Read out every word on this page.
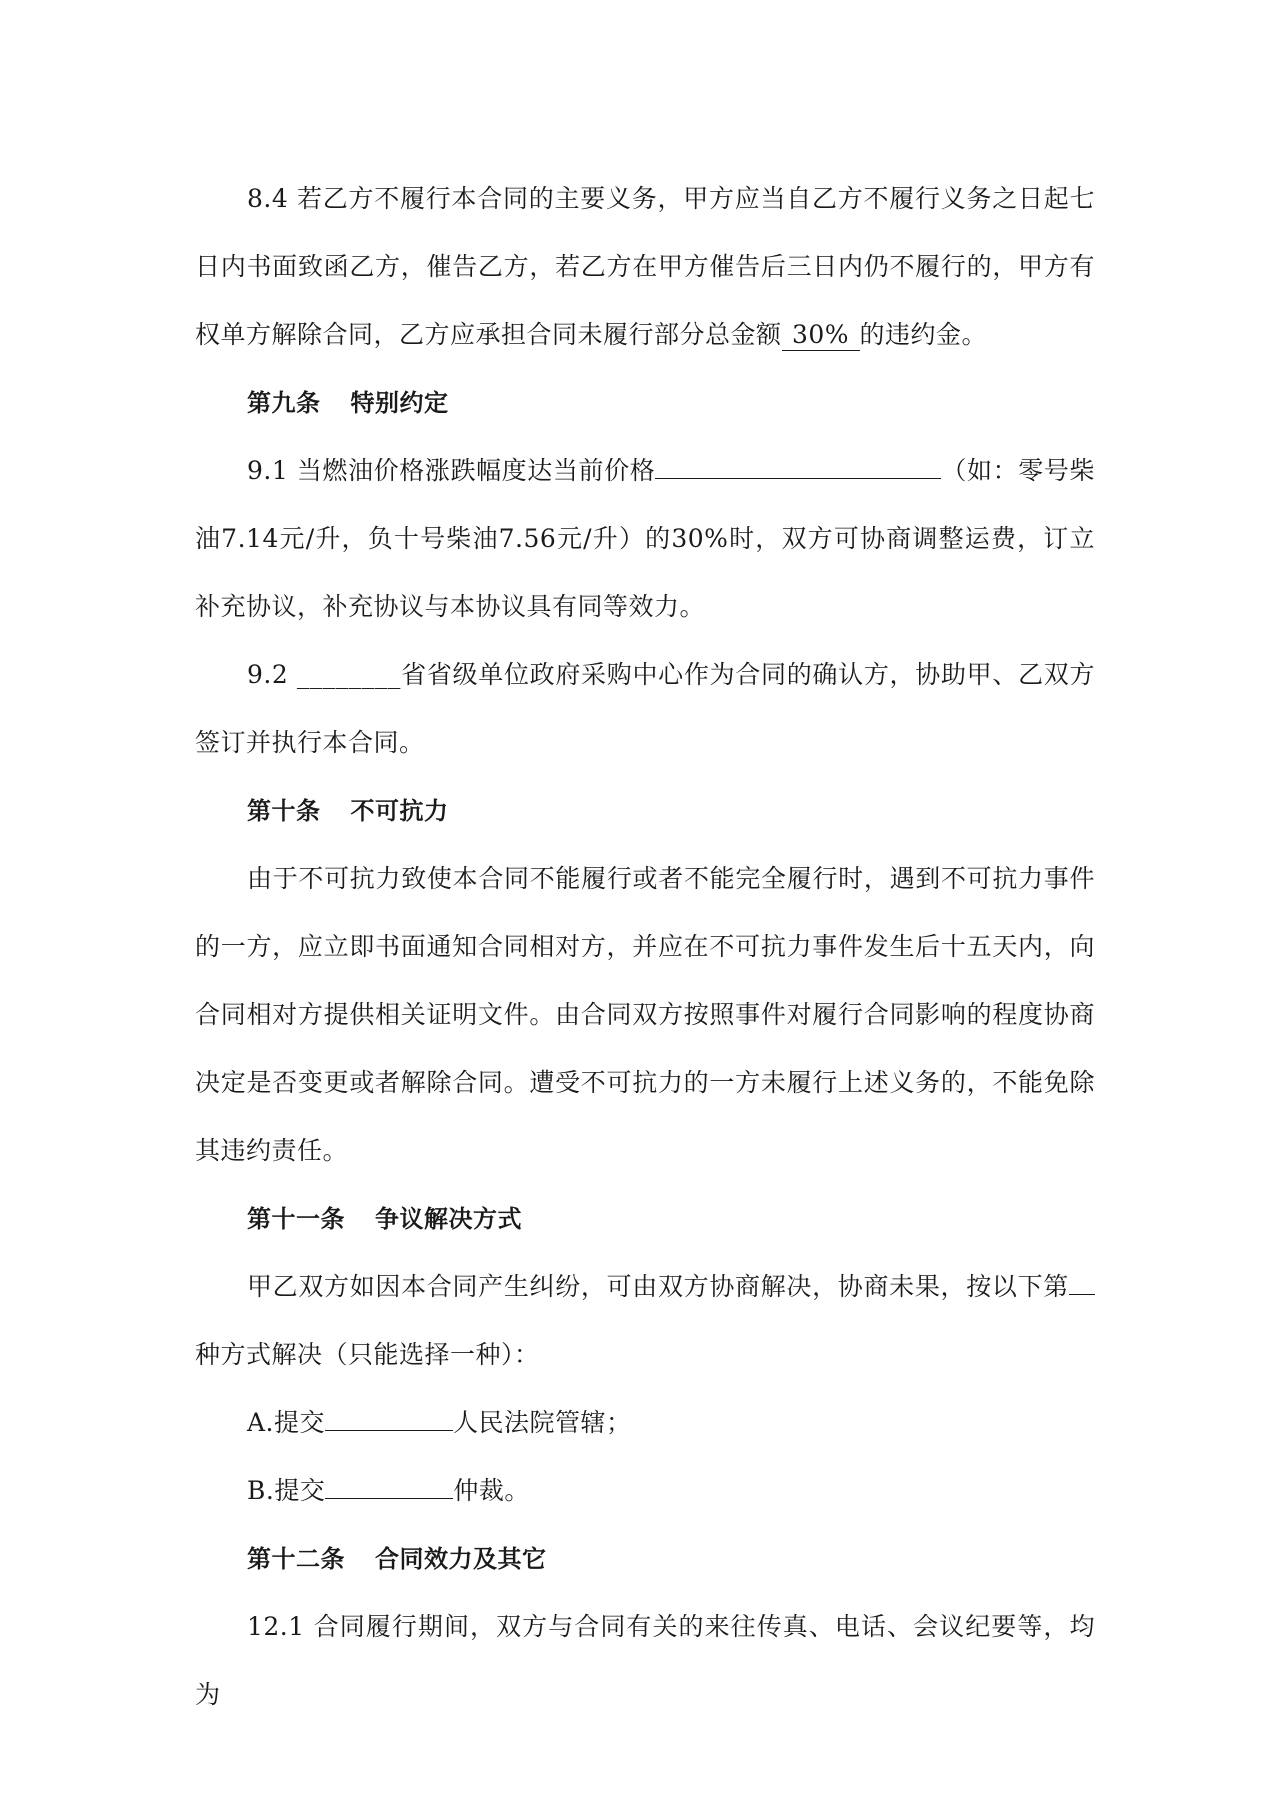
8.4 若乙方不履行本合同的主要义务，甲方应当自乙方不履行义务之日起七日内书面致函乙方，催告乙方，若乙方在甲方催告后三日内仍不履行的，甲方有权单方解除合同，乙方应承担合同未履行部分总金额 30% 的违约金。

第九条 特别约定

9.1 当燃油价格涨跌幅度达当前价格	（如：零号柴油7.14元/升，负十号柴油7.56元/升）的30%时，双方可协商调整运费，订立补充协议，补充协议与本协议具有同等效力。

9.2 ________省省级单位政府采购中心作为合同的确认方，协助甲、乙双方签订并执行本合同。

第十条 不可抗力

由于不可抗力致使本合同不能履行或者不能完全履行时，遇到不可抗力事件的一方，应立即书面通知合同相对方，并应在不可抗力事件发生后十五天内，向合同相对方提供相关证明文件。由合同双方按照事件对履行合同影响的程度协商决定是否变更或者解除合同。遭受不可抗力的一方未履行上述义务的，不能免除其违约责任。

第十一条 争议解决方式

甲乙双方如因本合同产生纠纷，可由双方协商解决，协商未果，按以下第种方式解决（只能选择一种）：

A.提交	人民法院管辖；

B.提交	仲裁。

第十二条 合同效力及其它

12.1 合同履行期间，双方与合同有关的来往传真、电话、会议纪要等，均为
